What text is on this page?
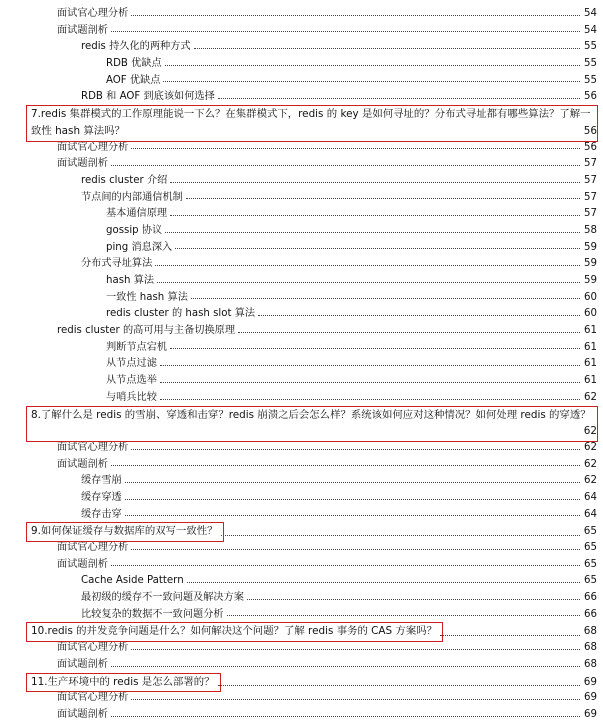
面试官心理分析	54
面试题剖析	54
redis 持久化的两种方式	55
RDB 优缺点	55
AOF 优缺点	55
RDB 和 AOF 到底该如何选择	56
7.redis 集群模式的工作原理能说一下么？在集群模式下，redis 的 key 是如何寻址的？分布式寻址都有哪些算法？了解一致性 hash 算法吗？	56
面试官心理分析	56
面试题剖析	57
redis cluster 介绍	57
节点间的内部通信机制	57
基本通信原理	57
gossip 协议	58
ping 消息深入	59
分布式寻址算法	59
hash 算法	59
一致性 hash 算法	60
redis cluster 的 hash slot 算法	60
redis cluster 的高可用与主备切换原理	61
判断节点宕机	61
从节点过滤	61
从节点选举	61
与哨兵比较	62
8.了解什么是 redis 的雪崩、穿透和击穿？redis 崩溃之后会怎么样？系统该如何应对这种情况？如何处理 redis 的穿透？
62
面试官心理分析	62
面试题剖析	62
缓存雪崩	62
缓存穿透	64
缓存击穿	64
9.如何保证缓存与数据库的双写一致性？	65
面试官心理分析	65
面试题剖析	65
Cache Aside Pattern	65
最初级的缓存不一致问题及解决方案	66
比较复杂的数据不一致问题分析	66
10.redis 的并发竞争问题是什么？如何解决这个问题？了解 redis 事务的 CAS 方案吗？	68
面试官心理分析	68
面试题剖析	68
11.生产环境中的 redis 是怎么部署的？	69
面试官心理分析	69
面试题剖析	69
